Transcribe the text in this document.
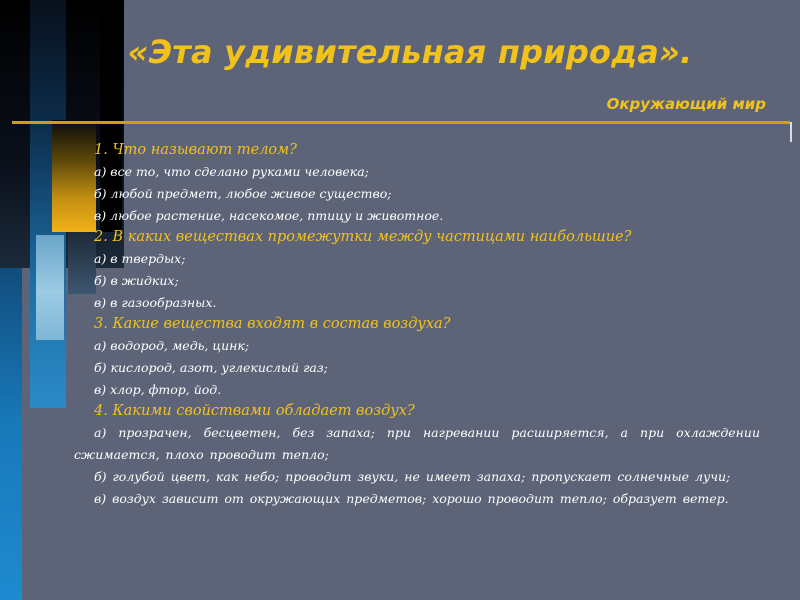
«Эта удивительная природа».
Окружающий мир

1. Что называют телом?

а) все то, что сделано руками человека;

б) любой предмет, любое живое существо;

в) любое растение, насекомое, птицу и животное.

2. В каких веществах промежутки между частицами наибольшие?

а) в твердых;

б) в жидких;

в) в газообразных.

3. Какие вещества входят в состав воздуха?

а) водород, медь, цинк;

б) кислород, азот, углекислый газ;

в) хлор, фтор, йод.

4. Какими свойствами обладает воздух?

а) прозрачен, бесцветен, без запаха; при нагревании расширяется, а при охлаждении сжимается, плохо проводит тепло;

б) голубой цвет, как небо; проводит звуки, не имеет запаха; пропускает солнечные лучи;

в) воздух зависит от окружающих предметов; хорошо проводит тепло; образует ветер.
